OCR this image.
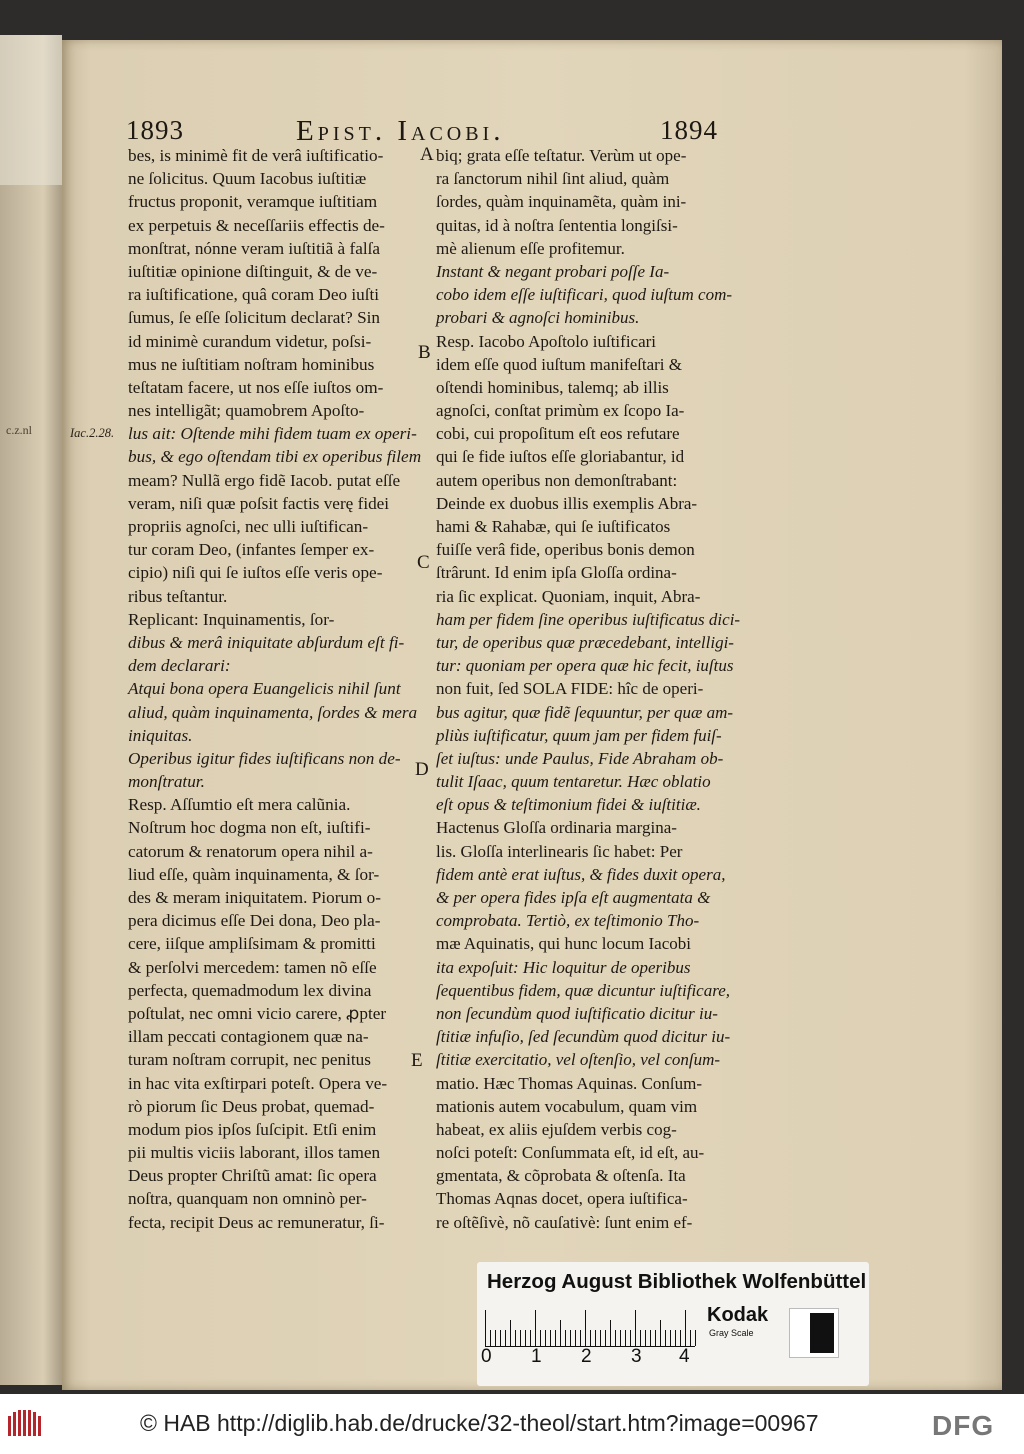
c.z.nl
1893	Epist. Iacobi.	1894
Iac.2.28.
bes, is minimè fit de verâ iuſtificatio-
ne ſolicitus. Quum Iacobus iuſtitiæ
fructus proponit, veramque iuſtitiam
ex perpetuis & neceſſariis effectis de-
monſtrat, nónne veram iuſtitiã à falſa
iuſtitiæ opinione diſtinguit, & de ve-
ra iuſtificatione, quâ coram Deo iuſti
ſumus, ſe eſſe ſolicitum declarat? Sin
id minimè curandum videtur, poſsi-
mus ne iuſtitiam noſtram hominibus
teſtatam facere, ut nos eſſe iuſtos om-
nes intelligãt; quamobrem Apoſto-
lus ait: Oſtende mihi fidem tuam ex operi-
bus, & ego oſtendam tibi ex operibus filem
meam? Nullã ergo fidẽ Iacob. putat eſſe
veram, niſi quæ poſsit factis verę fidei
propriis agnoſci, nec ulli iuſtifican-
tur coram Deo, (infantes ſemper ex-
cipio) niſi qui ſe iuſtos eſſe veris ope-
ribus teſtantur.
Replicant: Inquinamentis, ſor-
dibus & merâ iniquitate abſurdum eſt fi-
dem declarari:
Atqui bona opera Euangelicis nihil ſunt
aliud, quàm inquinamenta, ſordes & mera
iniquitas.
Operibus igitur fides iuſtificans non de-
monſtratur.
Resp. Aſſumtio eſt mera calũnia.
Noſtrum hoc dogma non eſt, iuſtifi-
catorum & renatorum opera nihil a-
liud eſſe, quàm inquinamenta, & ſor-
des & meram iniquitatem. Piorum o-
pera dicimus eſſe Dei dona, Deo pla-
cere, iiſque ampliſsimam & promitti
& perſolvi mercedem: tamen nõ eſſe
perfecta, quemadmodum lex divina
poſtulat, nec omni vicio carere, ꝓpter
illam peccati contagionem quæ na-
turam noſtram corrupit, nec penitus
in hac vita exſtirpari poteſt. Opera ve-
rò piorum ſic Deus probat, quemad-
modum pios ipſos ſuſcipit. Etſi enim
pii multis viciis laborant, illos tamen
Deus propter Chriſtũ amat: ſic opera
noſtra, quanquam non omninò per-
fecta, recipit Deus ac remuneratur, ſi-
A
B
C
D
E
biq; grata eſſe teſtatur. Verùm ut ope-
ra ſanctorum nihil ſint aliud, quàm
ſordes, quàm inquinamẽta, quàm ini-
quitas, id à noſtra ſententia longiſsi-
mè alienum eſſe profitemur.
Instant & negant probari poſſe Ia-
cobo idem eſſe iuſtificari, quod iuſtum com-
probari & agnoſci hominibus.
Resp. Iacobo Apoſtolo iuſtificari
idem eſſe quod iuſtum manifeſtari &
oſtendi hominibus, talemq; ab illis
agnoſci, conſtat primùm ex ſcopo Ia-
cobi, cui propoſitum eſt eos refutare
qui ſe fide iuſtos eſſe gloriabantur, id
autem operibus non demonſtrabant:
Deinde ex duobus illis exemplis Abra-
hami & Rahabæ, qui ſe iuſtificatos
fuiſſe verâ fide, operibus bonis demon
ſtrârunt. Id enim ipſa Gloſſa ordina-
ria ſic explicat. Quoniam, inquit, Abra-
ham per fidem ſine operibus iuſtificatus dici-
tur, de operibus quæ præcedebant, intelligi-
tur: quoniam per opera quæ hic fecit, iuſtus
non fuit, ſed SOLA FIDE: hîc de operi-
bus agitur, quæ fidẽ ſequuntur, per quæ am-
pliùs iuſtificatur, quum jam per fidem fuiſ-
ſet iuſtus: unde Paulus, Fide Abraham ob-
tulit Iſaac, quum tentaretur. Hæc oblatio
eſt opus & teſtimonium fidei & iuſtitiæ.
Hactenus Gloſſa ordinaria margina-
lis. Gloſſa interlinearis ſic habet: Per
fidem antè erat iuſtus, & fides duxit opera,
& per opera fides ipſa eſt augmentata &
comprobata. Tertiò, ex teſtimonio Tho-
mæ Aquinatis, qui hunc locum Iacobi
ita expoſuit: Hic loquitur de operibus
ſequentibus fidem, quæ dicuntur iuſtificare,
non ſecundùm quod iuſtificatio dicitur iu-
ſtitiæ infuſio, ſed ſecundùm quod dicitur iu-
ſtitiæ exercitatio, vel oſtenſio, vel conſum-
matio. Hæc Thomas Aquinas. Conſum-
mationis autem vocabulum, quam vim
habeat, ex aliis ejuſdem verbis cog-
noſci poteſt: Conſummata eſt, id eſt, au-
gmentata, & cõprobata & oſtenſa. Ita
Thomas Aqnas docet, opera iuſtifica-
re oſtẽſivè, nõ cauſativè: ſunt enim ef-
Herzog August Bibliothek Wolfenbüttel
0 1 2 3 4
Kodak
Gray Scale
© HAB http://diglib.hab.de/drucke/32-theol/start.htm?image=00967	DFG
